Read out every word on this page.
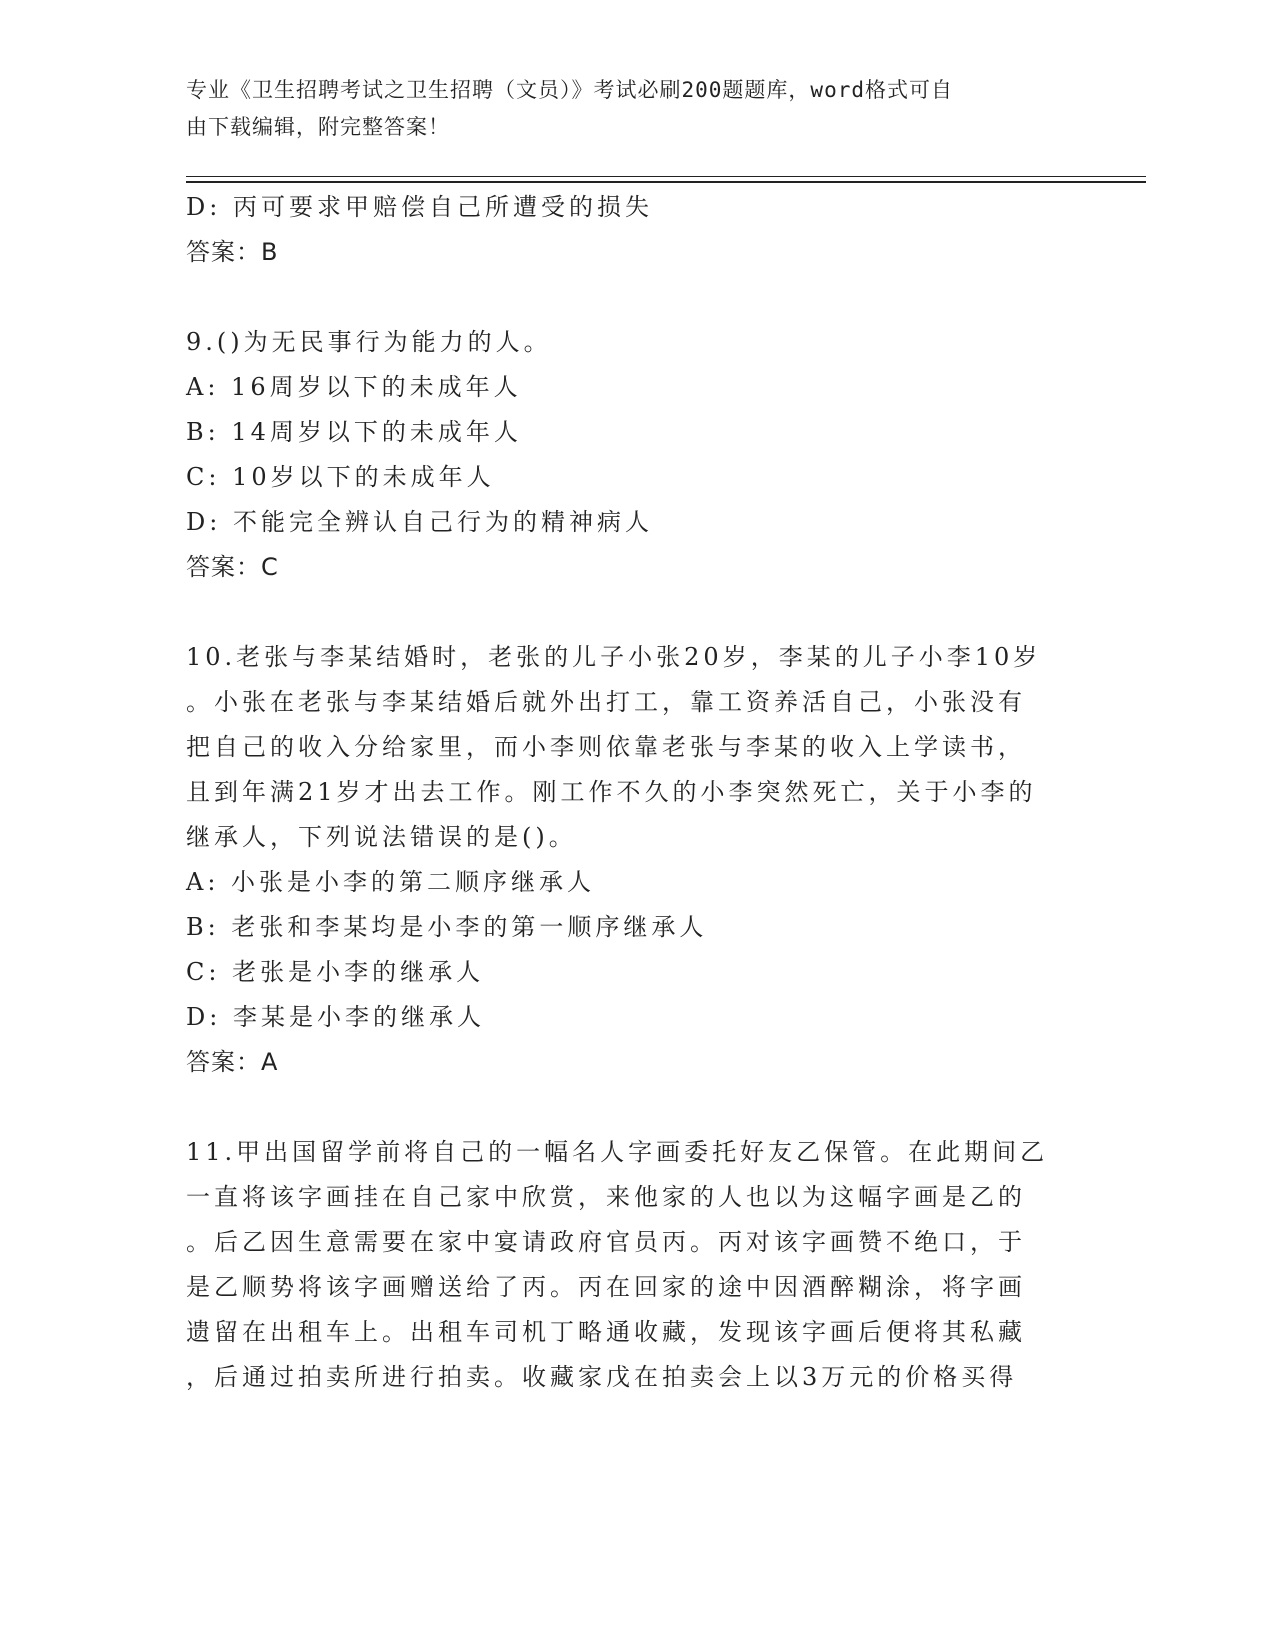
专业《卫生招聘考试之卫生招聘（文员）》考试必刷200题题库，word格式可自
由下载编辑，附完整答案！
D: 丙可要求甲赔偿自己所遭受的损失
答案：B
9.()为无民事行为能力的人。
A: 16周岁以下的未成年人
B: 14周岁以下的未成年人
C: 10岁以下的未成年人
D: 不能完全辨认自己行为的精神病人
答案：C
10.老张与李某结婚时，老张的儿子小张20岁，李某的儿子小李10岁
。小张在老张与李某结婚后就外出打工，靠工资养活自己，小张没有
把自己的收入分给家里，而小李则依靠老张与李某的收入上学读书，
且到年满21岁才出去工作。刚工作不久的小李突然死亡，关于小李的
继承人，下列说法错误的是()。
A: 小张是小李的第二顺序继承人
B: 老张和李某均是小李的第一顺序继承人
C: 老张是小李的继承人
D: 李某是小李的继承人
答案：A
11.甲出国留学前将自己的一幅名人字画委托好友乙保管。在此期间乙
一直将该字画挂在自己家中欣赏，来他家的人也以为这幅字画是乙的
。后乙因生意需要在家中宴请政府官员丙。丙对该字画赞不绝口，于
是乙顺势将该字画赠送给了丙。丙在回家的途中因酒醉糊涂，将字画
遗留在出租车上。出租车司机丁略通收藏，发现该字画后便将其私藏
，后通过拍卖所进行拍卖。收藏家戊在拍卖会上以3万元的价格买得
